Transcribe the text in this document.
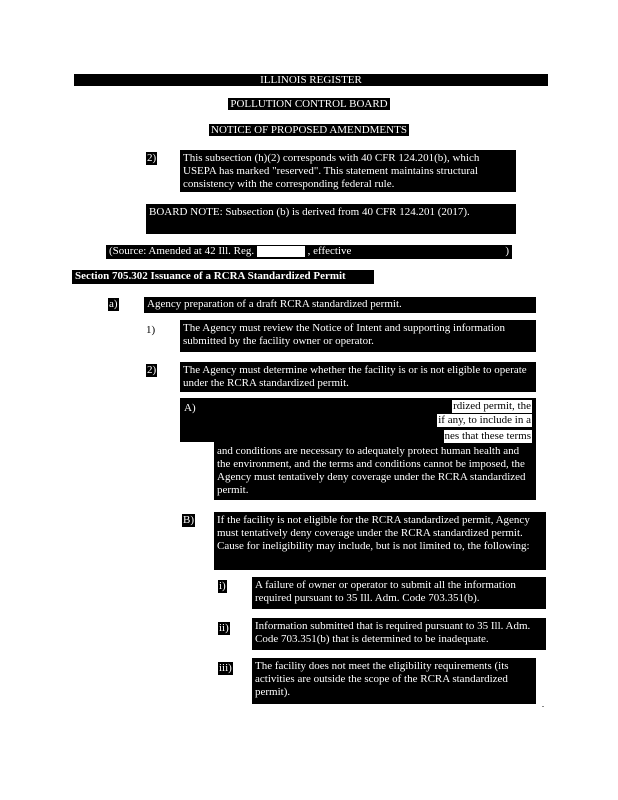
ILLINOIS REGISTER
POLLUTION CONTROL BOARD
NOTICE OF PROPOSED AMENDMENTS
2) This subsection (h)(2) corresponds with 40 CFR 124.201(b), which USEPA has marked "reserved". This statement maintains structural consistency with the corresponding federal rule.
BOARD NOTE: Subsection (b) is derived from 40 CFR 124.201 (2017).
(Source: Amended at 42 Ill. Reg.	, effective	)
Section 705.302 Issuance of a RCRA Standardized Permit
a)	Agency preparation of a draft RCRA standardized permit.
1)	The Agency must review the Notice of Intent and supporting information submitted by the facility owner or operator.
2) The Agency must determine whether the facility is or is not eligible to operate under the RCRA standardized permit.
A)	rdized permit, the
if any, to include in a
nes that these terms
and conditions are necessary to adequately protect human health and the environment, and the terms and conditions cannot be imposed, the Agency must tentatively deny coverage under the RCRA standardized permit.
B) If the facility is not eligible for the RCRA standardized permit, Agency must tentatively deny coverage under the RCRA standardized permit. Cause for ineligibility may include, but is not limited to, the following:
i)	A failure of owner or operator to submit all the information required pursuant to 35 Ill. Adm. Code 703.351(b).
ii) Information submitted that is required pursuant to 35 Ill. Adm. Code 703.351(b) that is determined to be inadequate.
iii) The facility does not meet the eligibility requirements (its activities are outside the scope of the RCRA standardized permit).
